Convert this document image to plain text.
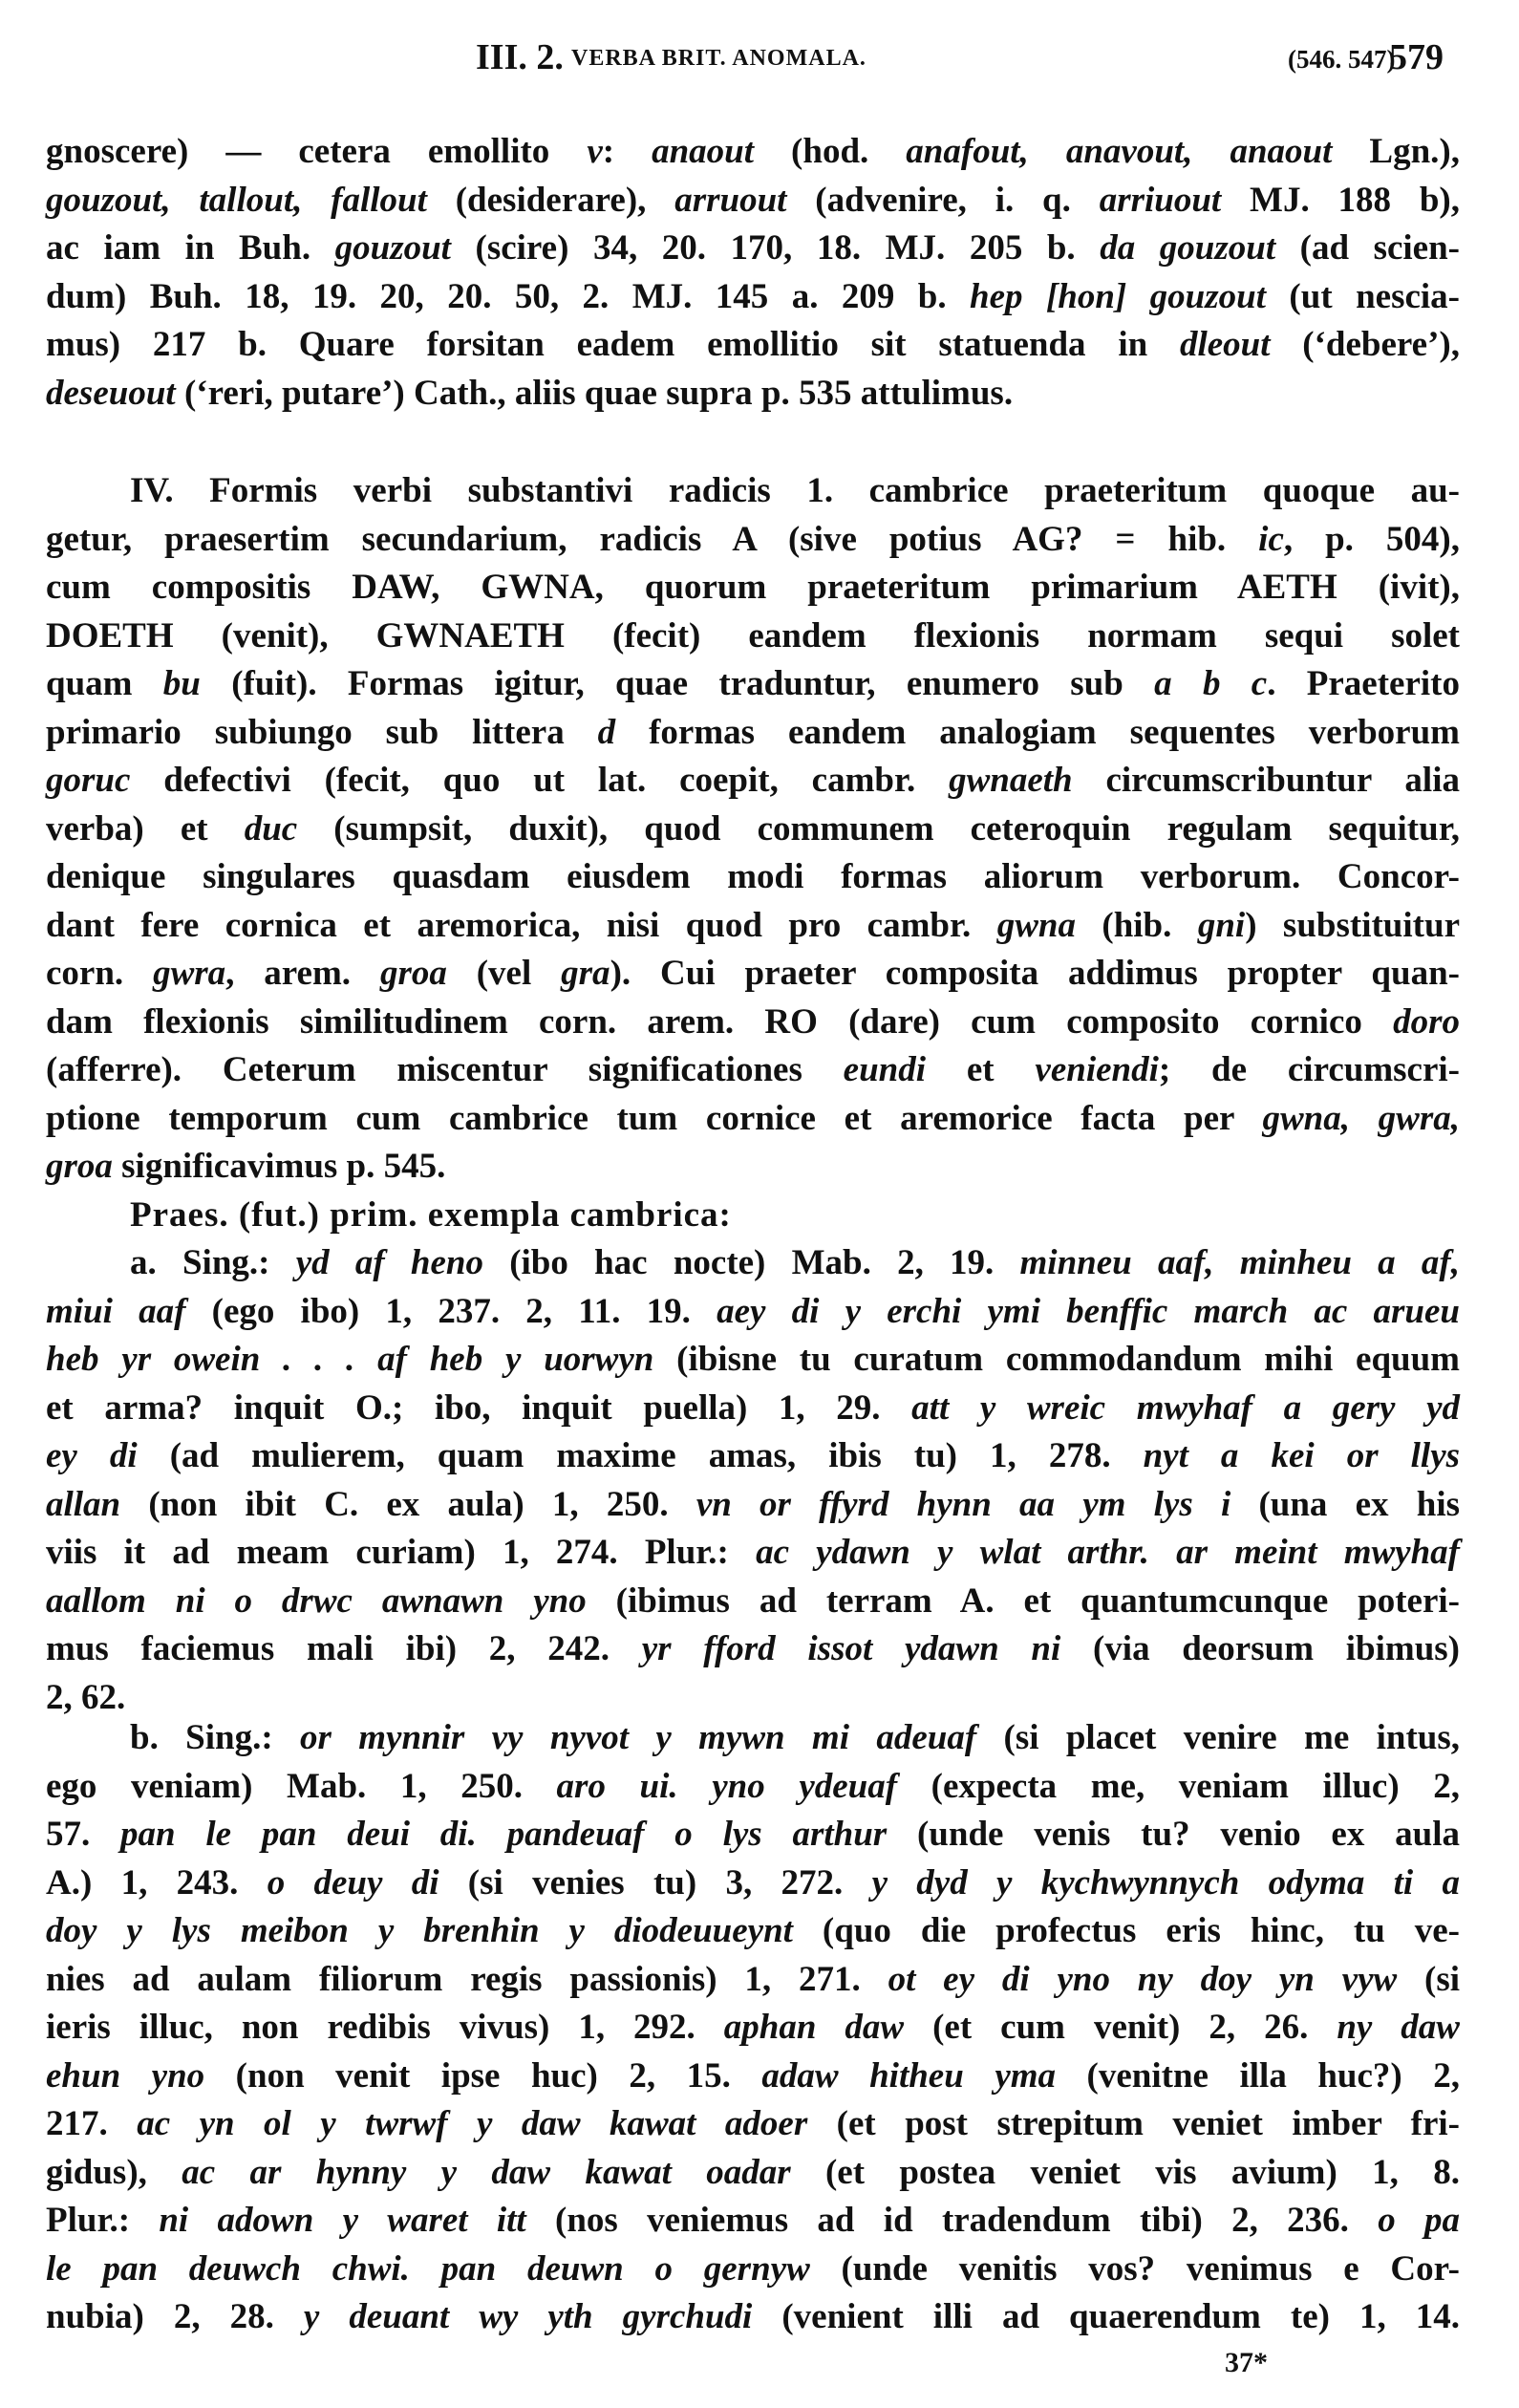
III. 2. VERBA BRIT. ANOMALA.	(546. 547)
579
gnoscere) — cetera emollito v: anaout (hod. anafout, anavout, anaout Lgn.),
gouzout, tallout, fallout (desiderare), arruout (advenire, i. q. arriuout MJ. 188 b),
ac iam in Buh. gouzout (scire) 34, 20. 170, 18. MJ. 205 b. da gouzout (ad scien-
dum) Buh. 18, 19. 20, 20. 50, 2. MJ. 145 a. 209 b. hep [hon] gouzout (ut nescia-
mus) 217 b. Quare forsitan eadem emollitio sit statuenda in dleout (‘debere’),
deseuout (‘reri, putare’) Cath., aliis quae supra p. 535 attulimus.
IV. Formis verbi substantivi radicis 1. cambrice praeteritum quoque au-
getur, praesertim secundarium, radicis A (sive potius AG? = hib. ic, p. 504),
cum compositis DAW, GWNA, quorum praeteritum primarium AETH (ivit),
DOETH (venit), GWNAETH (fecit) eandem flexionis normam sequi solet
quam bu (fuit). Formas igitur, quae traduntur, enumero sub a b c. Praeterito
primario subiungo sub littera d formas eandem analogiam sequentes verborum
goruc defectivi (fecit, quo ut lat. coepit, cambr. gwnaeth circumscribuntur alia
verba) et duc (sumpsit, duxit), quod communem ceteroquin regulam sequitur,
denique singulares quasdam eiusdem modi formas aliorum verborum. Concor-
dant fere cornica et aremorica, nisi quod pro cambr. gwna (hib. gni) substituitur
corn. gwra, arem. groa (vel gra). Cui praeter composita addimus propter quan-
dam flexionis similitudinem corn. arem. RO (dare) cum composito cornico doro
(afferre). Ceterum miscentur significationes eundi et veniendi; de circumscri-
ptione temporum cum cambrice tum cornice et aremorice facta per gwna, gwra,
groa significavimus p. 545.
Praes. (fut.) prim. exempla cambrica:
a. Sing.: yd af heno (ibo hac nocte) Mab. 2, 19. minneu aaf, minheu a af,
miui aaf (ego ibo) 1, 237. 2, 11. 19. aey di y erchi ymi benffic march ac arueu
heb yr owein . . . af heb y uorwyn (ibisne tu curatum commodandum mihi equum
et arma? inquit O.; ibo, inquit puella) 1, 29. att y wreic mwyhaf a gery yd
ey di (ad mulierem, quam maxime amas, ibis tu) 1, 278. nyt a kei or llys
allan (non ibit C. ex aula) 1, 250. vn or ffyrd hynn aa ym lys i (una ex his
viis it ad meam curiam) 1, 274. Plur.: ac ydawn y wlat arthr. ar meint mwyhaf
aallom ni o drwc awnawn yno (ibimus ad terram A. et quantumcunque poteri-
mus faciemus mali ibi) 2, 242. yr fford issot ydawn ni (via deorsum ibimus)
2, 62.
b. Sing.: or mynnir vy nyvot y mywn mi adeuaf (si placet venire me intus,
ego veniam) Mab. 1, 250. aro ui. yno ydeuaf (expecta me, veniam illuc) 2,
57. pan le pan deui di. pandeuaf o lys arthur (unde venis tu? venio ex aula
A.) 1, 243. o deuy di (si venies tu) 3, 272. y dyd y kychwynnych odyma ti a
doy y lys meibon y brenhin y diodeuueynt (quo die profectus eris hinc, tu ve-
nies ad aulam filiorum regis passionis) 1, 271. ot ey di yno ny doy yn vyw (si
ieris illuc, non redibis vivus) 1, 292. aphan daw (et cum venit) 2, 26. ny daw
ehun yno (non venit ipse huc) 2, 15. adaw hitheu yma (venitne illa huc?) 2,
217. ac yn ol y twrwf y daw kawat adoer (et post strepitum veniet imber fri-
gidus), ac ar hynny y daw kawat oadar (et postea veniet vis avium) 1, 8.
Plur.: ni adown y waret itt (nos veniemus ad id tradendum tibi) 2, 236. o pa
le pan deuwch chwi. pan deuwn o gernyw (unde venitis vos? venimus e Cor-
nubia) 2, 28. y deuant wy yth gyrchudi (venient illi ad quaerendum te) 1, 14.
37*
